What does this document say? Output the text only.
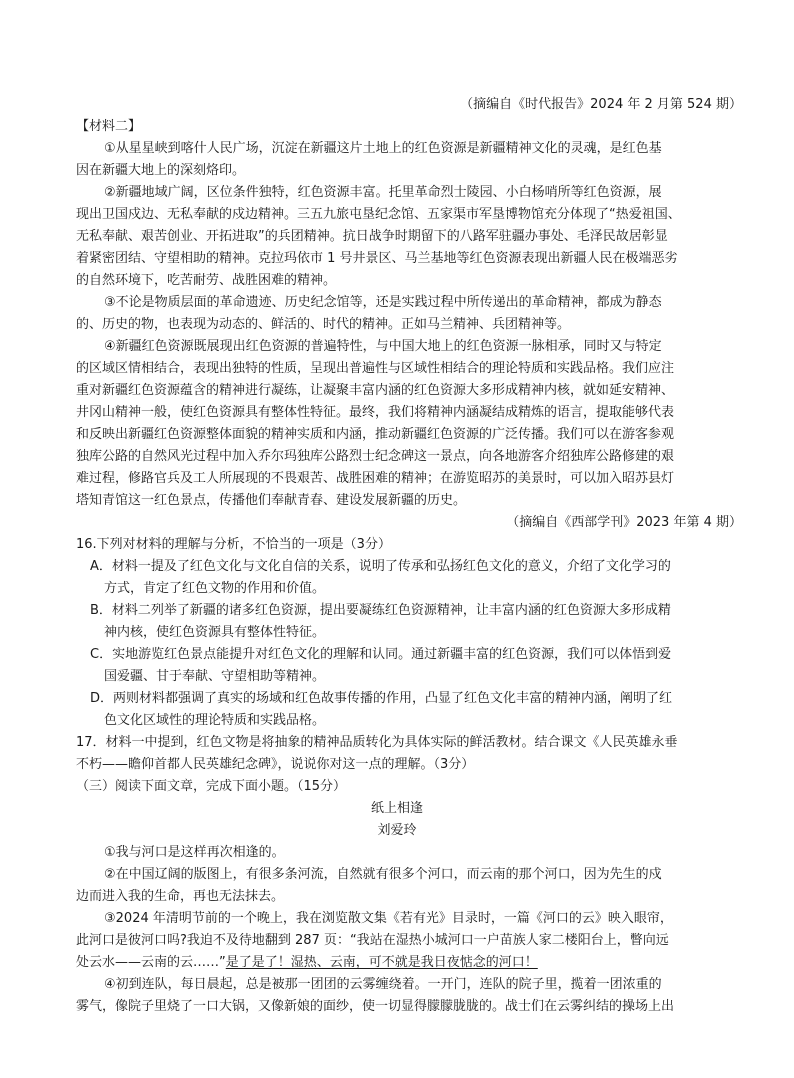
（摘编自《时代报告》2024 年 2 月第 524 期）
【材料二】
①从星星峡到喀什人民广场，沉淀在新疆这片土地上的红色资源是新疆精神文化的灵魂，是红色基
因在新疆大地上的深刻烙印。
②新疆地域广阔，区位条件独特，红色资源丰富。托里革命烈士陵园、小白杨哨所等红色资源，展
现出卫国戍边、无私奉献的戍边精神。三五九旅屯垦纪念馆、五家渠市军垦博物馆充分体现了“热爱祖国、
无私奉献、艰苦创业、开拓进取”的兵团精神。抗日战争时期留下的八路军驻疆办事处、毛泽民故居彰显
着紧密团结、守望相助的精神。克拉玛依市 1 号井景区、马兰基地等红色资源表现出新疆人民在极端恶劣
的自然环境下，吃苦耐劳、战胜困难的精神。
③不论是物质层面的革命遗迹、历史纪念馆等，还是实践过程中所传递出的革命精神，都成为静态
的、历史的物，也表现为动态的、鲜活的、时代的精神。正如马兰精神、兵团精神等。
④新疆红色资源既展现出红色资源的普遍特性，与中国大地上的红色资源一脉相承，同时又与特定
的区域区情相结合，表现出独特的性质，呈现出普遍性与区域性相结合的理论特质和实践品格。我们应注
重对新疆红色资源蕴含的精神进行凝练，让凝聚丰富内涵的红色资源大多形成精神内核，就如延安精神、
井冈山精神一般，使红色资源具有整体性特征。最终，我们将精神内涵凝结成精炼的语言，提取能够代表
和反映出新疆红色资源整体面貌的精神实质和内涵，推动新疆红色资源的广泛传播。我们可以在游客参观
独库公路的自然风光过程中加入乔尔玛独库公路烈士纪念碑这一景点，向各地游客介绍独库公路修建的艰
难过程，修路官兵及工人所展现的不畏艰苦、战胜困难的精神；在游览昭苏的美景时，可以加入昭苏县灯
塔知青馆这一红色景点，传播他们奉献青春、建设发展新疆的历史。
（摘编自《西部学刊》2023 年第 4 期）
16.下列对材料的理解与分析，不恰当的一项是（3分）
A．材料一提及了红色文化与文化自信的关系，说明了传承和弘扬红色文化的意义，介绍了文化学习的
方式，肯定了红色文物的作用和价值。
B．材料二列举了新疆的诸多红色资源，提出要凝练红色资源精神，让丰富内涵的红色资源大多形成精
神内核，使红色资源具有整体性特征。
C．实地游览红色景点能提升对红色文化的理解和认同。通过新疆丰富的红色资源，我们可以体悟到爱
国爱疆、甘于奉献、守望相助等精神。
D．两则材料都强调了真实的场域和红色故事传播的作用，凸显了红色文化丰富的精神内涵，阐明了红
色文化区域性的理论特质和实践品格。
17．材料一中提到，红色文物是将抽象的精神品质转化为具体实际的鲜活教材。结合课文《人民英雄永垂
不朽——瞻仰首都人民英雄纪念碑》，说说你对这一点的理解。（3分）
（三）阅读下面文章，完成下面小题。（15分）
纸上相逢
刘爱玲
①我与河口是这样再次相逢的。
②在中国辽阔的版图上，有很多条河流，自然就有很多个河口，而云南的那个河口，因为先生的戍
边而进入我的生命，再也无法抹去。
③2024 年清明节前的一个晚上，我在浏览散文集《若有光》目录时，一篇《河口的云》映入眼帘，
此河口是彼河口吗?我迫不及待地翻到 287 页：“我站在湿热小城河口一户苗族人家二楼阳台上，瞥向远
处云水——云南的云……”是了是了！湿热、云南，可不就是我日夜惦念的河口！
④初到连队，每日晨起，总是被那一团团的云雾缠绕着。一开门，连队的院子里，揽着一团浓重的
雾气，像院子里烧了一口大锅，又像新娘的面纱，使一切显得朦朦胧胧的。战士们在云雾纠结的操场上出
